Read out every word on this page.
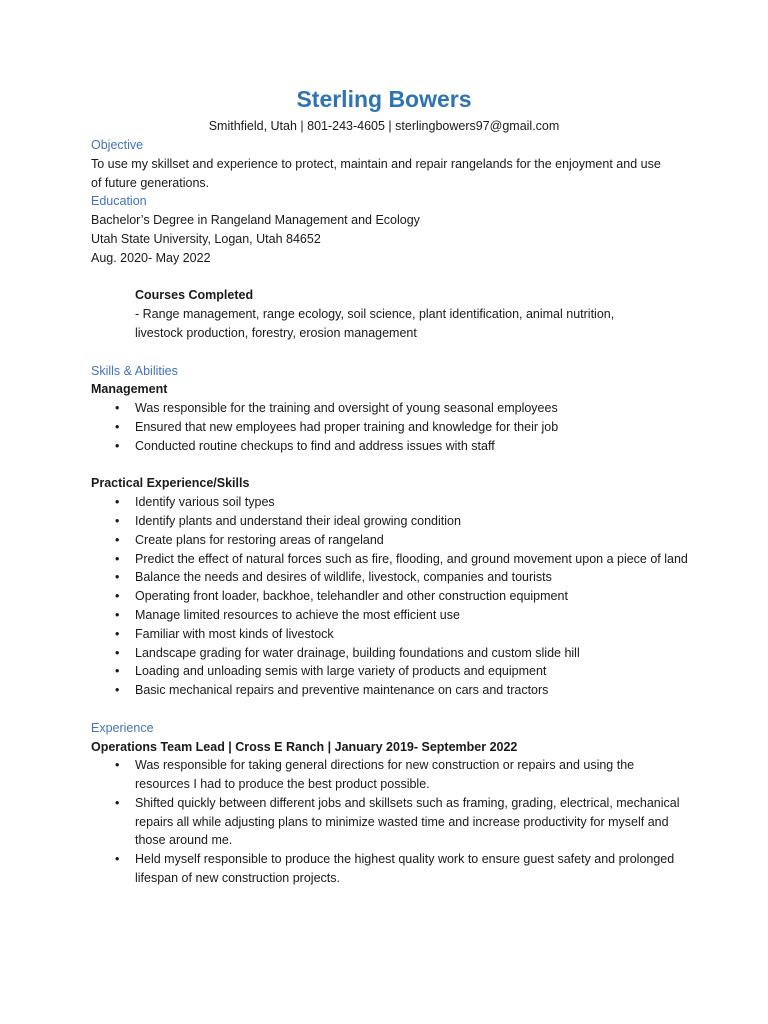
Sterling Bowers
Smithfield, Utah | 801-243-4605 | sterlingbowers97@gmail.com

Objective

To use my skillset and experience to protect, maintain and repair rangelands for the enjoyment and use

of future generations.

Education

Bachelor’s Degree in Rangeland Management and Ecology

Utah State University, Logan, Utah 84652

Aug. 2020- May 2022

Courses Completed

- Range management, range ecology, soil science, plant identification, animal nutrition,

livestock production, forestry, erosion management

Skills & Abilities

Management

• Was responsible for the training and oversight of young seasonal employees
• Ensured that new employees had proper training and knowledge for their job
• Conducted routine checkups to find and address issues with staff

Practical Experience/Skills

• Identify various soil types
• Identify plants and understand their ideal growing condition
• Create plans for restoring areas of rangeland
• Predict the effect of natural forces such as fire, flooding, and ground movement upon a piece of land
• Balance the needs and desires of wildlife, livestock, companies and tourists
• Operating front loader, backhoe, telehandler and other construction equipment
• Manage limited resources to achieve the most efficient use
• Familiar with most kinds of livestock
• Landscape grading for water drainage, building foundations and custom slide hill
• Loading and unloading semis with large variety of products and equipment
• Basic mechanical repairs and preventive maintenance on cars and tractors

Experience

Operations Team Lead | Cross E Ranch | January 2019- September 2022

• Was responsible for taking general directions for new construction or repairs and using the resources I had to produce the best product possible.
• Shifted quickly between different jobs and skillsets such as framing, grading, electrical, mechanical repairs all while adjusting plans to minimize wasted time and increase productivity for myself and those around me.
• Held myself responsible to produce the highest quality work to ensure guest safety and prolonged lifespan of new construction projects.
